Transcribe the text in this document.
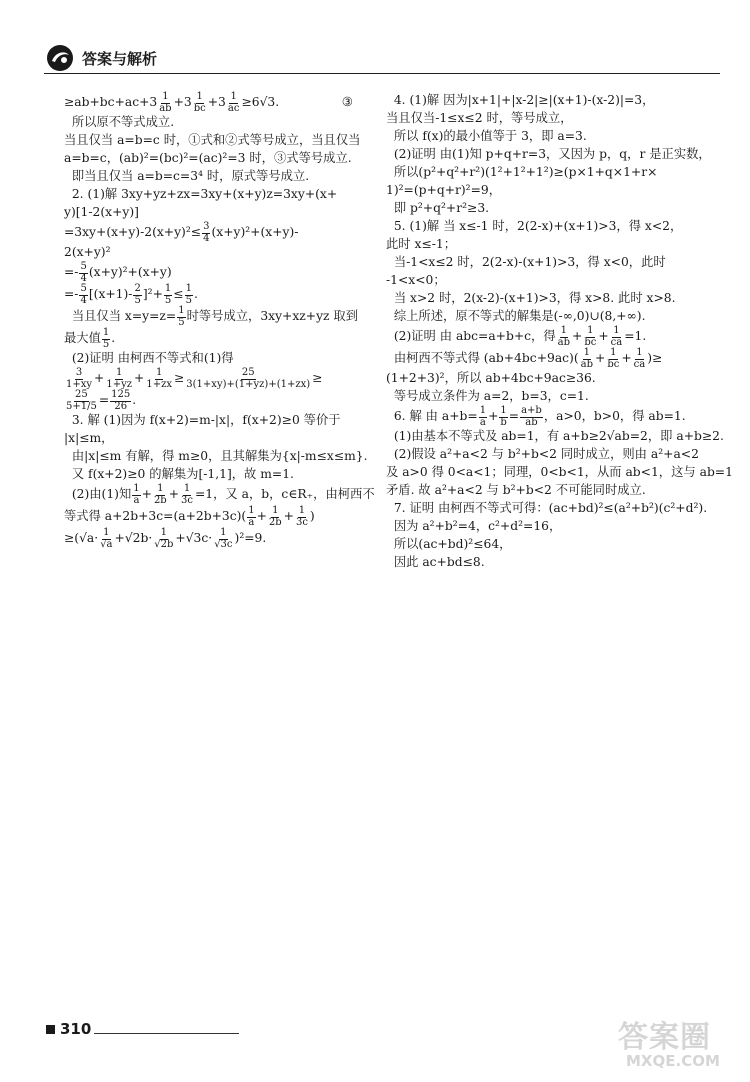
答案与解析
$\ge ab+bc+ac+3 \frac{1}{ab} +3 \frac{1}{bc} +3 \frac{1}{ac} \ge 6√3$. ③
所以原不等式成立.
当且仅当 a=b=c 时，①式和②式等号成立，当且仅当
a=b=c，(ab)²=(bc)²=(ac)²=3 时，③式等号成立.
即当且仅当 a=b=c=3⁴ 时，原式等号成立.
2. (1)解 3xy+yz+zx=3xy+(x+y)z=3xy+(x+
y)[1-2(x+y)]
$=3xy+(x+y)-2(x+y)^2\le \frac{3}{4} (x+y)^2+(x+y)-$
2(x+y)²
=- $\frac{5}{4} (x+y)^2+(x+y)$
=- $\frac{5}{4} [(x+1)- \frac{2}{5} ]^2+ \frac{1}{5} \le \frac{1}{5}$ .
当且仅当 $x=y=z= \frac{1}{5}$ 时等号成立，3xy+xz+yz 取到
最大值 $\frac{1}{5}$ .
(2)证明 由柯西不等式和(1)得
$\frac{3}{1+xy} + \frac{1}{1+yz} + \frac{1}{1+zx} \ge \frac{25}{3(1+xy)+(1+yz)+(1+zx)}$ ≥
$\frac{25}{5+1/5} = \frac{125}{26}$ .
3. 解 (1)因为 f(x+2)=m-|x|，f(x+2)≥0 等价于
|x|≤m，
由|x|≤m 有解，得 m≥0，且其解集为{x|-m≤x≤m}.
又 f(x+2)≥0 的解集为[-1,1]，故 m=1.
(2)由(1)知 $\frac{1}{a} + \frac{1}{2b} + \frac{1}{3c} =1$，又 a，b，c∈R₊，由柯西不
等式得 $a+2b+3c=(a+2b+3c)( \frac{1}{a} + \frac{1}{2b} + \frac{1}{3c}$ )
$\ge(√a\cdot \frac{1}{√a} +√2b\cdot \frac{1}{√2b} +√3c\cdot \frac{1}{√3c} )^2=9$.
4. (1)解 因为|x+1|+|x-2|≥|(x+1)-(x-2)|=3，
当且仅当-1≤x≤2 时，等号成立，
所以 f(x)的最小值等于 3，即 a=3.
(2)证明 由(1)知 p+q+r=3，又因为 p，q，r 是正实数，
所以(p²+q²+r²)(1²+1²+1²)≥(p×1+q×1+r×
1)²=(p+q+r)²=9，
即 p²+q²+r²≥3.
5. (1)解 当 x≤-1 时，2(2-x)+(x+1)>3，得 x<2，
此时 x≤-1；
当-1<x≤2 时，2(2-x)-(x+1)>3，得 x<0，此时
-1<x<0；
当 x>2 时，2(x-2)-(x+1)>3，得 x>8. 此时 x>8.
综上所述，原不等式的解集是(-∞,0)∪(8,+∞).
(2)证明 由 abc=a+b+c，得 $\frac{1}{ab} + \frac{1}{bc} + \frac{1}{ca} =1$.
由柯西不等式得 $(ab+4bc+9ac)( \frac{1}{ab} + \frac{1}{bc} + \frac{1}{ca}$ )≥
(1+2+3)²，所以 ab+4bc+9ac≥36.
等号成立条件为 a=2，b=3，c=1.
6. 解 由 $a+b= \frac{1}{a} + \frac{1}{b} = \frac{a+b}{ab}$ ，a>0，b>0，得 ab=1.
(1)由基本不等式及 ab=1，有 a+b≥2√ab=2，即 a+b≥2.
(2)假设 a²+a<2 与 b²+b<2 同时成立，则由 a²+a<2
及 a>0 得 0<a<1；同理，0<b<1，从而 ab<1，这与 ab=1
矛盾. 故 a²+a<2 与 b²+b<2 不可能同时成立.
7. 证明 由柯西不等式可得：(ac+bd)²≤(a²+b²)(c²+d²).
因为 a²+b²=4，c²+d²=16，
所以(ac+bd)²≤64，
因此 ac+bd≤8.
310	答案圈
MXQE.COM
